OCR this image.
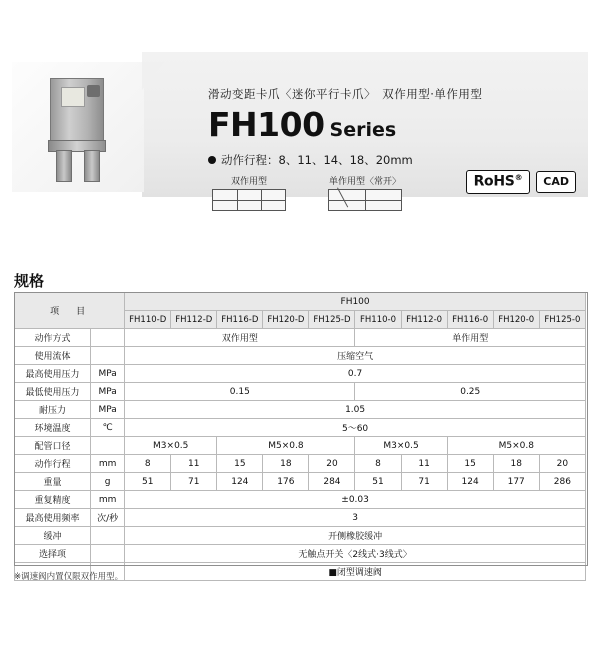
滑动变距卡爪〈迷你平行卡爪〉　双作用型·单作用型
FH100 Series
动作行程：8、11、14、18、20mm
双作用型	单作用型〈常开〉	RoHS®	CAD
规格
项　目		FH100									
		FH110-D	FH112-D	FH116-D	FH120-D	FH125-D	FH110-0	FH112-0	FH116-0	FH120-0	FH125-0
动作方式		双作用型					单作用型				
使用流体		压缩空气									
最高使用压力	MPa	0.7									
最低使用压力	MPa	0.15					0.25				
耐压力	MPa	1.05									
环境温度	℃	5～60									
配管口径		M3×0.5		M5×0.8			M3×0.5		M5×0.8		
动作行程	mm	8	11	15	18	20	8	11	15	18	20
重量	g	51	71	124	176	284	51	71	124	177	286
重复精度	mm	±0.03									
最高使用频率	次/秒	3									
缓冲		开侧橡胶缓冲									
选择项		无触点开关〈2线式·3线式〉									
		■闭型调速阀									
※调速阀内置仅限双作用型。
